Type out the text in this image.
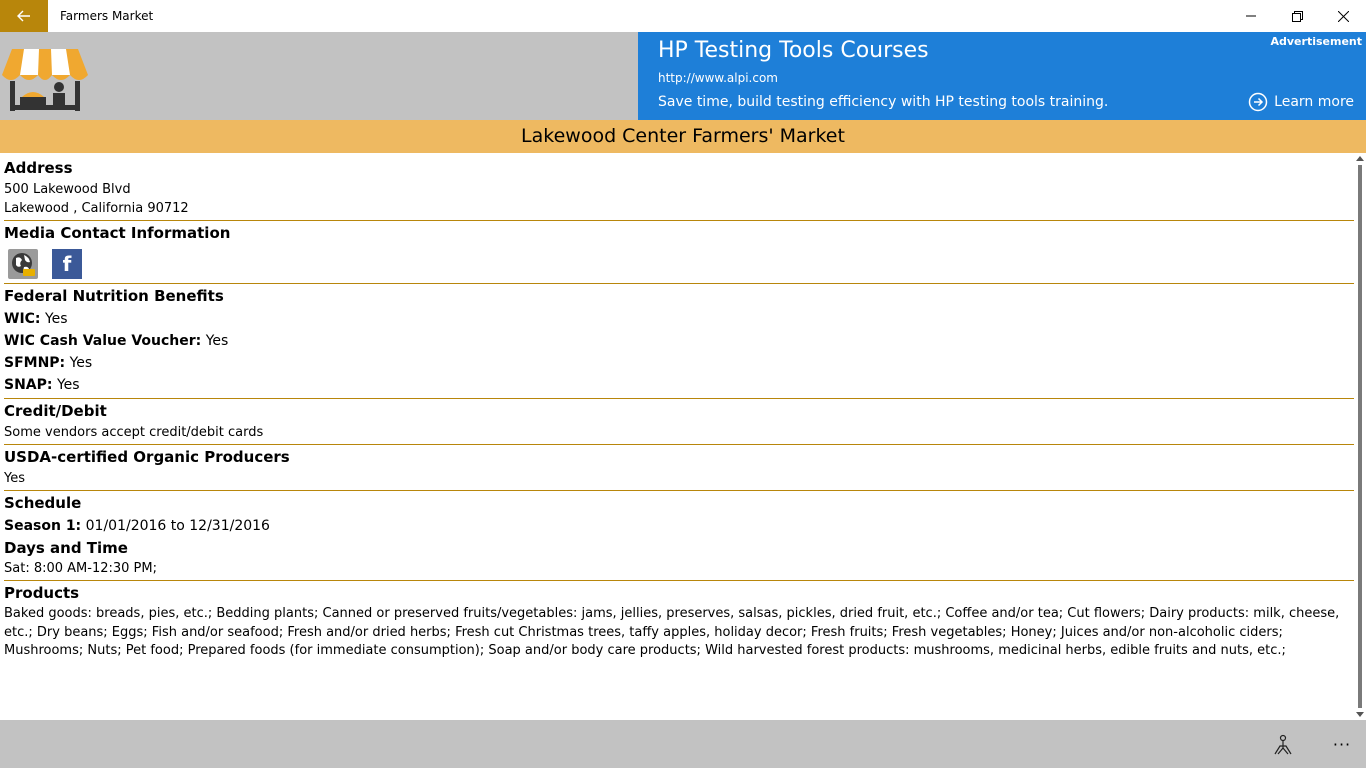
Farmers Market
HP Testing Tools Courses
http://www.alpi.com
Save time, build testing efficiency with HP testing tools training.
Advertisement
Learn more
Lakewood Center Farmers' Market
Address
500 Lakewood Blvd
Lakewood , California 90712
Media Contact Information
f
Federal Nutrition Benefits
WIC: Yes
WIC Cash Value Voucher: Yes
SFMNP: Yes
SNAP: Yes
Credit/Debit
Some vendors accept credit/debit cards
USDA-certified Organic Producers
Yes
Schedule
Season 1: 01/01/2016 to 12/31/2016
Days and Time
Sat: 8:00 AM-12:30 PM;
Products
Baked goods: breads, pies, etc.; Bedding plants; Canned or preserved fruits/vegetables: jams, jellies, preserves, salsas, pickles, dried fruit, etc.; Coffee and/or tea; Cut flowers; Dairy products: milk, cheese, etc.; Dry beans; Eggs; Fish and/or seafood; Fresh and/or dried herbs; Fresh cut Christmas trees, taffy apples, holiday decor; Fresh fruits; Fresh vegetables; Honey; Juices and/or non-alcoholic ciders; Mushrooms; Nuts; Pet food; Prepared foods (for immediate consumption); Soap and/or body care products; Wild harvested forest products: mushrooms, medicinal herbs, edible fruits and nuts, etc.;
···
